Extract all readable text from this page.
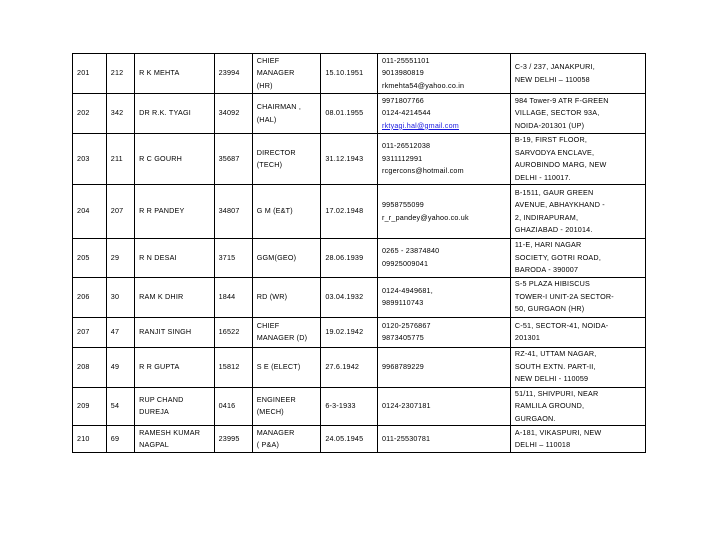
201	212	R K MEHTA	23994	CHIEF
MANAGER
(HR)	15.10.1951	011-25551101
9013980819
rkmehta54@yahoo.co.in	C-3 / 237, JANAKPURI,
NEW DELHI – 110058
202	342	DR R.K. TYAGI	34092	CHAIRMAN ,
(HAL)	08.01.1955	9971807766
0124-4214544
rktyagi.hal@gmail.com	984 Tower-9 ATR F-GREEN
VILLAGE, SECTOR 93A,
NOIDA-201301 (UP)
203	211	R C GOURH	35687	DIRECTOR
(TECH)	31.12.1943	011-26512038
9311112991
rcgercons@hotmail.com	B-19, FIRST FLOOR,
SARVODYA ENCLAVE,
AUROBINDO MARG, NEW
DELHI - 110017.
204	207	R R PANDEY	34807	G M (E&T)	17.02.1948	9958755099
r_r_pandey@yahoo.co.uk	B-1511, GAUR GREEN
AVENUE, ABHAYKHAND -
2, INDIRAPURAM,
GHAZIABAD - 201014.
205	29	R N DESAI	3715	GGM(GEO)	28.06.1939	0265 - 23874840
09925009041	11-E, HARI NAGAR
SOCIETY, GOTRI ROAD,
BARODA - 390007
206	30	RAM K DHIR	1844	RD (WR)	03.04.1932	0124-4949681,
9899110743	S-5 PLAZA HIBISCUS
TOWER-I UNIT-2A SECTOR-
50, GURGAON (HR)
207	47	RANJIT SINGH	16522	CHIEF
MANAGER (D)	19.02.1942	0120-2576867
9873405775	C-51, SECTOR-41, NOIDA-
201301
208	49	R R GUPTA	15812	S E (ELECT)	27.6.1942	9968789229	RZ-41, UTTAM NAGAR,
SOUTH EXTN. PART-II,
NEW DELHI - 110059
209	54	RUP CHAND
DUREJA	0416	ENGINEER
(MECH)	6-3-1933	0124-2307181	51/11, SHIVPURI, NEAR
RAMLILA GROUND,
GURGAON.
210	69	RAMESH KUMAR
NAGPAL	23995	MANAGER
( P&A)	24.05.1945	011-25530781	A-181, VIKASPURI, NEW
DELHI – 110018
